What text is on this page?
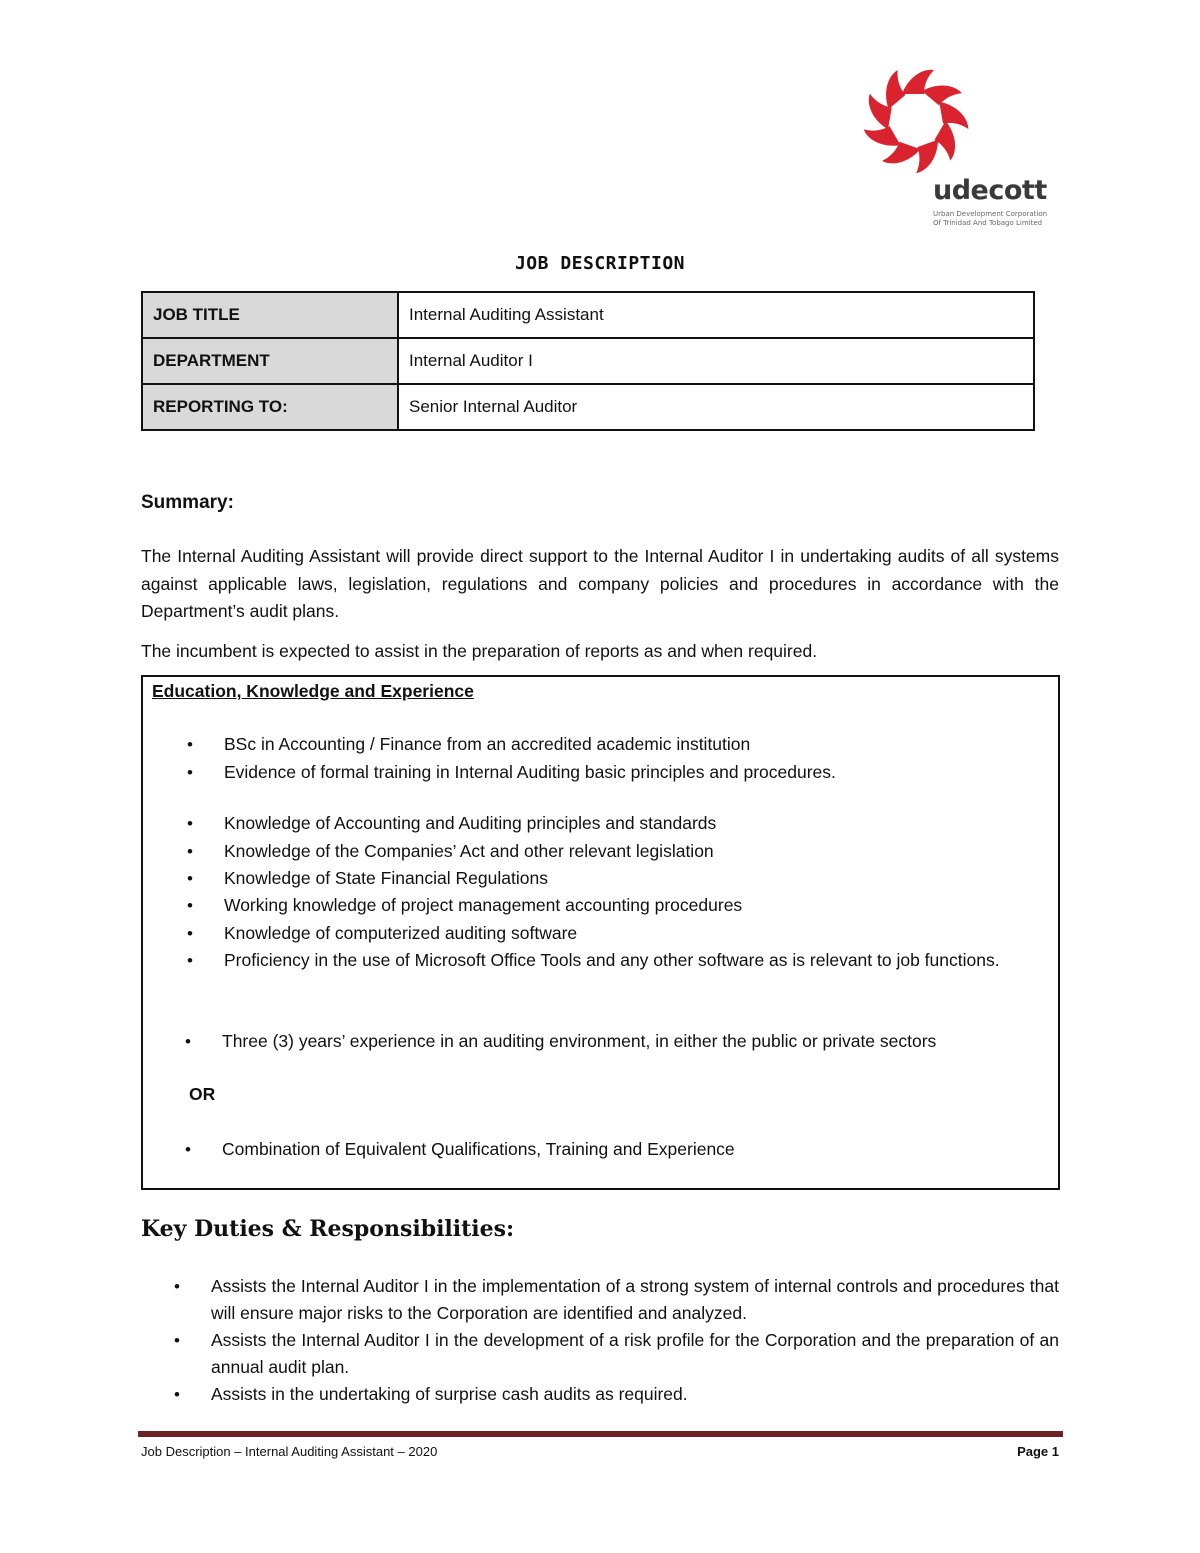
udecott
Urban Development Corporation
Of Trinidad And Tobago Limited
JOB DESCRIPTION
JOB TITLE	Internal Auditing Assistant
DEPARTMENT	Internal Auditor I
REPORTING TO:	Senior Internal Auditor
Summary:

The Internal Auditing Assistant will provide direct support to the Internal Auditor I in undertaking audits of all systems against applicable laws, legislation, regulations and company policies and procedures in accordance with the Department’s audit plans.

The incumbent is expected to assist in the preparation of reports as and when required.

Education, Knowledge and Experience
• BSc in Accounting / Finance from an accredited academic institution
• Evidence of formal training in Internal Auditing basic principles and procedures.
• Knowledge of Accounting and Auditing principles and standards
• Knowledge of the Companies’ Act and other relevant legislation
• Knowledge of State Financial Regulations
• Working knowledge of project management accounting procedures
• Knowledge of computerized auditing software
• Proficiency in the use of Microsoft Office Tools and any other software as is relevant to job functions.
• Three (3) years’ experience in an auditing environment, in either the public or private sectors
OR
• Combination of Equivalent Qualifications, Training and Experience
Key Duties & Responsibilities:
• Assists the Internal Auditor I in the implementation of a strong system of internal controls and procedures that will ensure major risks to the Corporation are identified and analyzed.
• Assists the Internal Auditor I in the development of a risk profile for the Corporation and the preparation of an annual audit plan.
• Assists in the undertaking of surprise cash audits as required.
Job Description – Internal Auditing Assistant – 2020	Page 1
